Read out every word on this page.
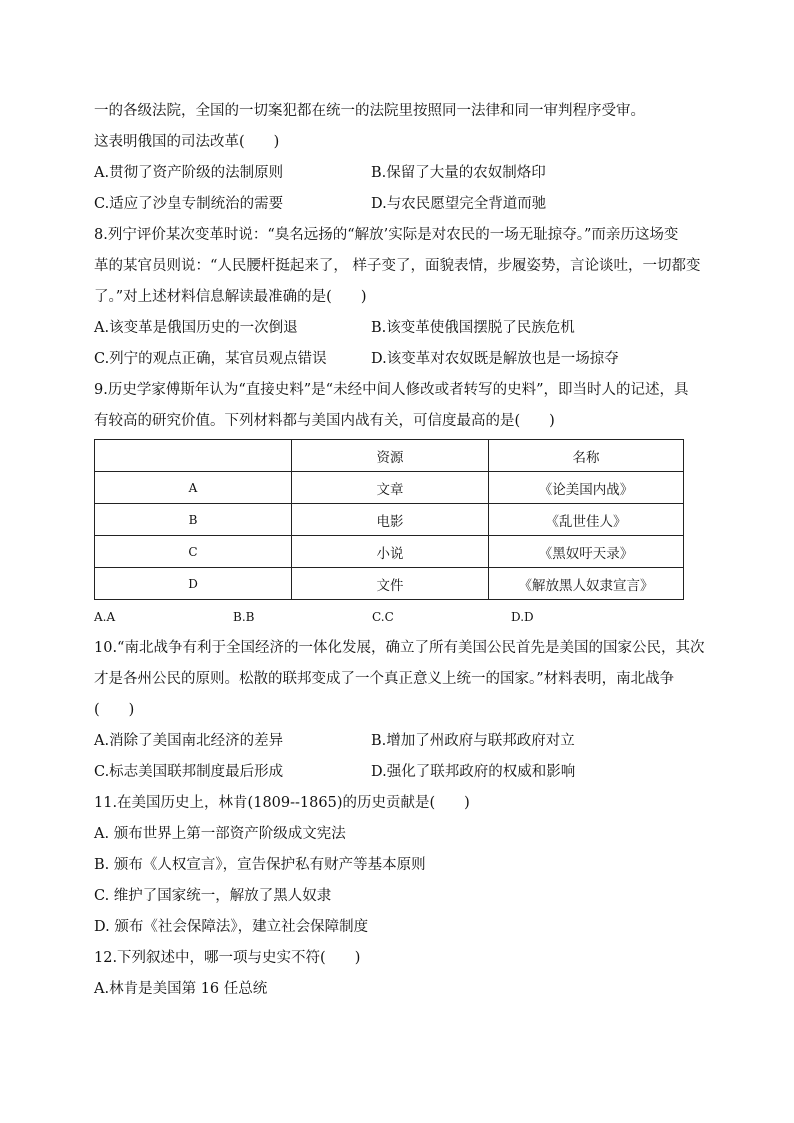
一的各级法院，全国的一切案犯都在统一的法院里按照同一法律和同一审判程序受审。
这表明俄国的司法改革(　　)
A.贯彻了资产阶级的法制原则	B.保留了大量的农奴制烙印
C.适应了沙皇专制统治的需要	D.与农民愿望完全背道而驰
8.列宁评价某次变革时说：“臭名远扬的“解放’实际是对农民的一场无耻掠夺。”而亲历这场变
革的某官员则说：“人民腰杆挺起来了， 样子变了，面貌表情，步履姿势，言论谈吐，一切都变
了。”对上述材料信息解读最准确的是(　　)
A.该变革是俄国历史的一次倒退	B.该变革使俄国摆脱了民族危机
C.列宁的观点正确，某官员观点错误	D.该变革对农奴既是解放也是一场掠夺
9.历史学家傅斯年认为“直接史料”是“未经中间人修改或者转写的史料”，即当时人的记述，具
有较高的研究价值。下列材料都与美国内战有关，可信度最高的是(　　)
	资源	名称
A	文章	《论美国内战》
B	电影	《乱世佳人》
C	小说	《黑奴吁天录》
D	文件	《解放黑人奴隶宣言》
A.A	B.B	C.C	D.D
10.“南北战争有利于全国经济的一体化发展，确立了所有美国公民首先是美国的国家公民，其次
才是各州公民的原则。松散的联邦变成了一个真正意义上统一的国家。”材料表明，南北战争
(　　)
A.消除了美国南北经济的差异	B.增加了州政府与联邦政府对立
C.标志美国联邦制度最后形成	D.强化了联邦政府的权威和影响
11.在美国历史上，林肯(1809--1865)的历史贡献是(　　)
A. 颁布世界上第一部资产阶级成文宪法
B. 颁布《人权宣言》，宣告保护私有财产等基本原则
C. 维护了国家统一，解放了黑人奴隶
D. 颁布《社会保障法》，建立社会保障制度
12.下列叙述中，哪一项与史实不符(　　)
A.林肯是美国第 16 任总统
